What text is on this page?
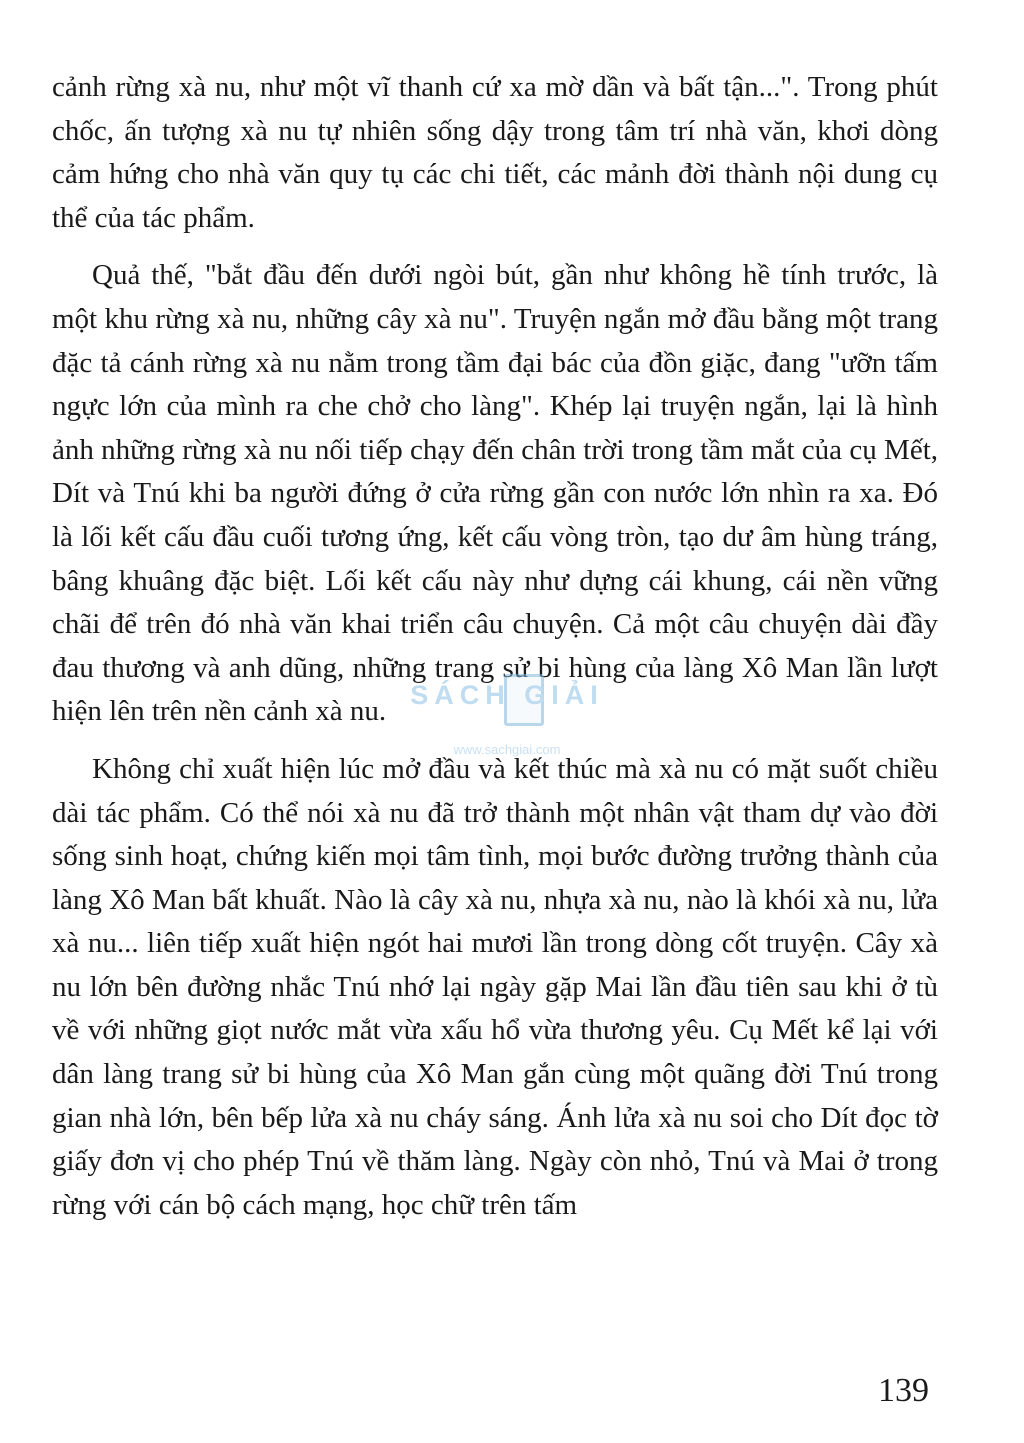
cảnh rừng xà nu, như một vĩ thanh cứ xa mờ dần và bất tận...". Trong phút chốc, ấn tượng xà nu tự nhiên sống dậy trong tâm trí nhà văn, khơi dòng cảm hứng cho nhà văn quy tụ các chi tiết, các mảnh đời thành nội dung cụ thể của tác phẩm.

Quả thế, "bắt đầu đến dưới ngòi bút, gần như không hề tính trước, là một khu rừng xà nu, những cây xà nu". Truyện ngắn mở đầu bằng một trang đặc tả cánh rừng xà nu nằm trong tầm đại bác của đồn giặc, đang "ưỡn tấm ngực lớn của mình ra che chở cho làng". Khép lại truyện ngắn, lại là hình ảnh những rừng xà nu nối tiếp chạy đến chân trời trong tầm mắt của cụ Mết, Dít và Tnú khi ba người đứng ở cửa rừng gần con nước lớn nhìn ra xa. Đó là lối kết cấu đầu cuối tương ứng, kết cấu vòng tròn, tạo dư âm hùng tráng, bâng khuâng đặc biệt. Lối kết cấu này như dựng cái khung, cái nền vững chãi để trên đó nhà văn khai triển câu chuyện. Cả một câu chuyện dài đầy đau thương và anh dũng, những trang sử bi hùng của làng Xô Man lần lượt hiện lên trên nền cảnh xà nu.

Không chỉ xuất hiện lúc mở đầu và kết thúc mà xà nu có mặt suốt chiều dài tác phẩm. Có thể nói xà nu đã trở thành một nhân vật tham dự vào đời sống sinh hoạt, chứng kiến mọi tâm tình, mọi bước đường trưởng thành của làng Xô Man bất khuất. Nào là cây xà nu, nhựa xà nu, nào là khói xà nu, lửa xà nu... liên tiếp xuất hiện ngót hai mươi lần trong dòng cốt truyện. Cây xà nu lớn bên đường nhắc Tnú nhớ lại ngày gặp Mai lần đầu tiên sau khi ở tù về với những giọt nước mắt vừa xấu hổ vừa thương yêu. Cụ Mết kể lại với dân làng trang sử bi hùng của Xô Man gắn cùng một quãng đời Tnú trong gian nhà lớn, bên bếp lửa xà nu cháy sáng. Ánh lửa xà nu soi cho Dít đọc tờ giấy đơn vị cho phép Tnú về thăm làng. Ngày còn nhỏ, Tnú và Mai ở trong rừng với cán bộ cách mạng, học chữ trên tấm

SÁCH GIẢI
www.sachgiai.com
139
